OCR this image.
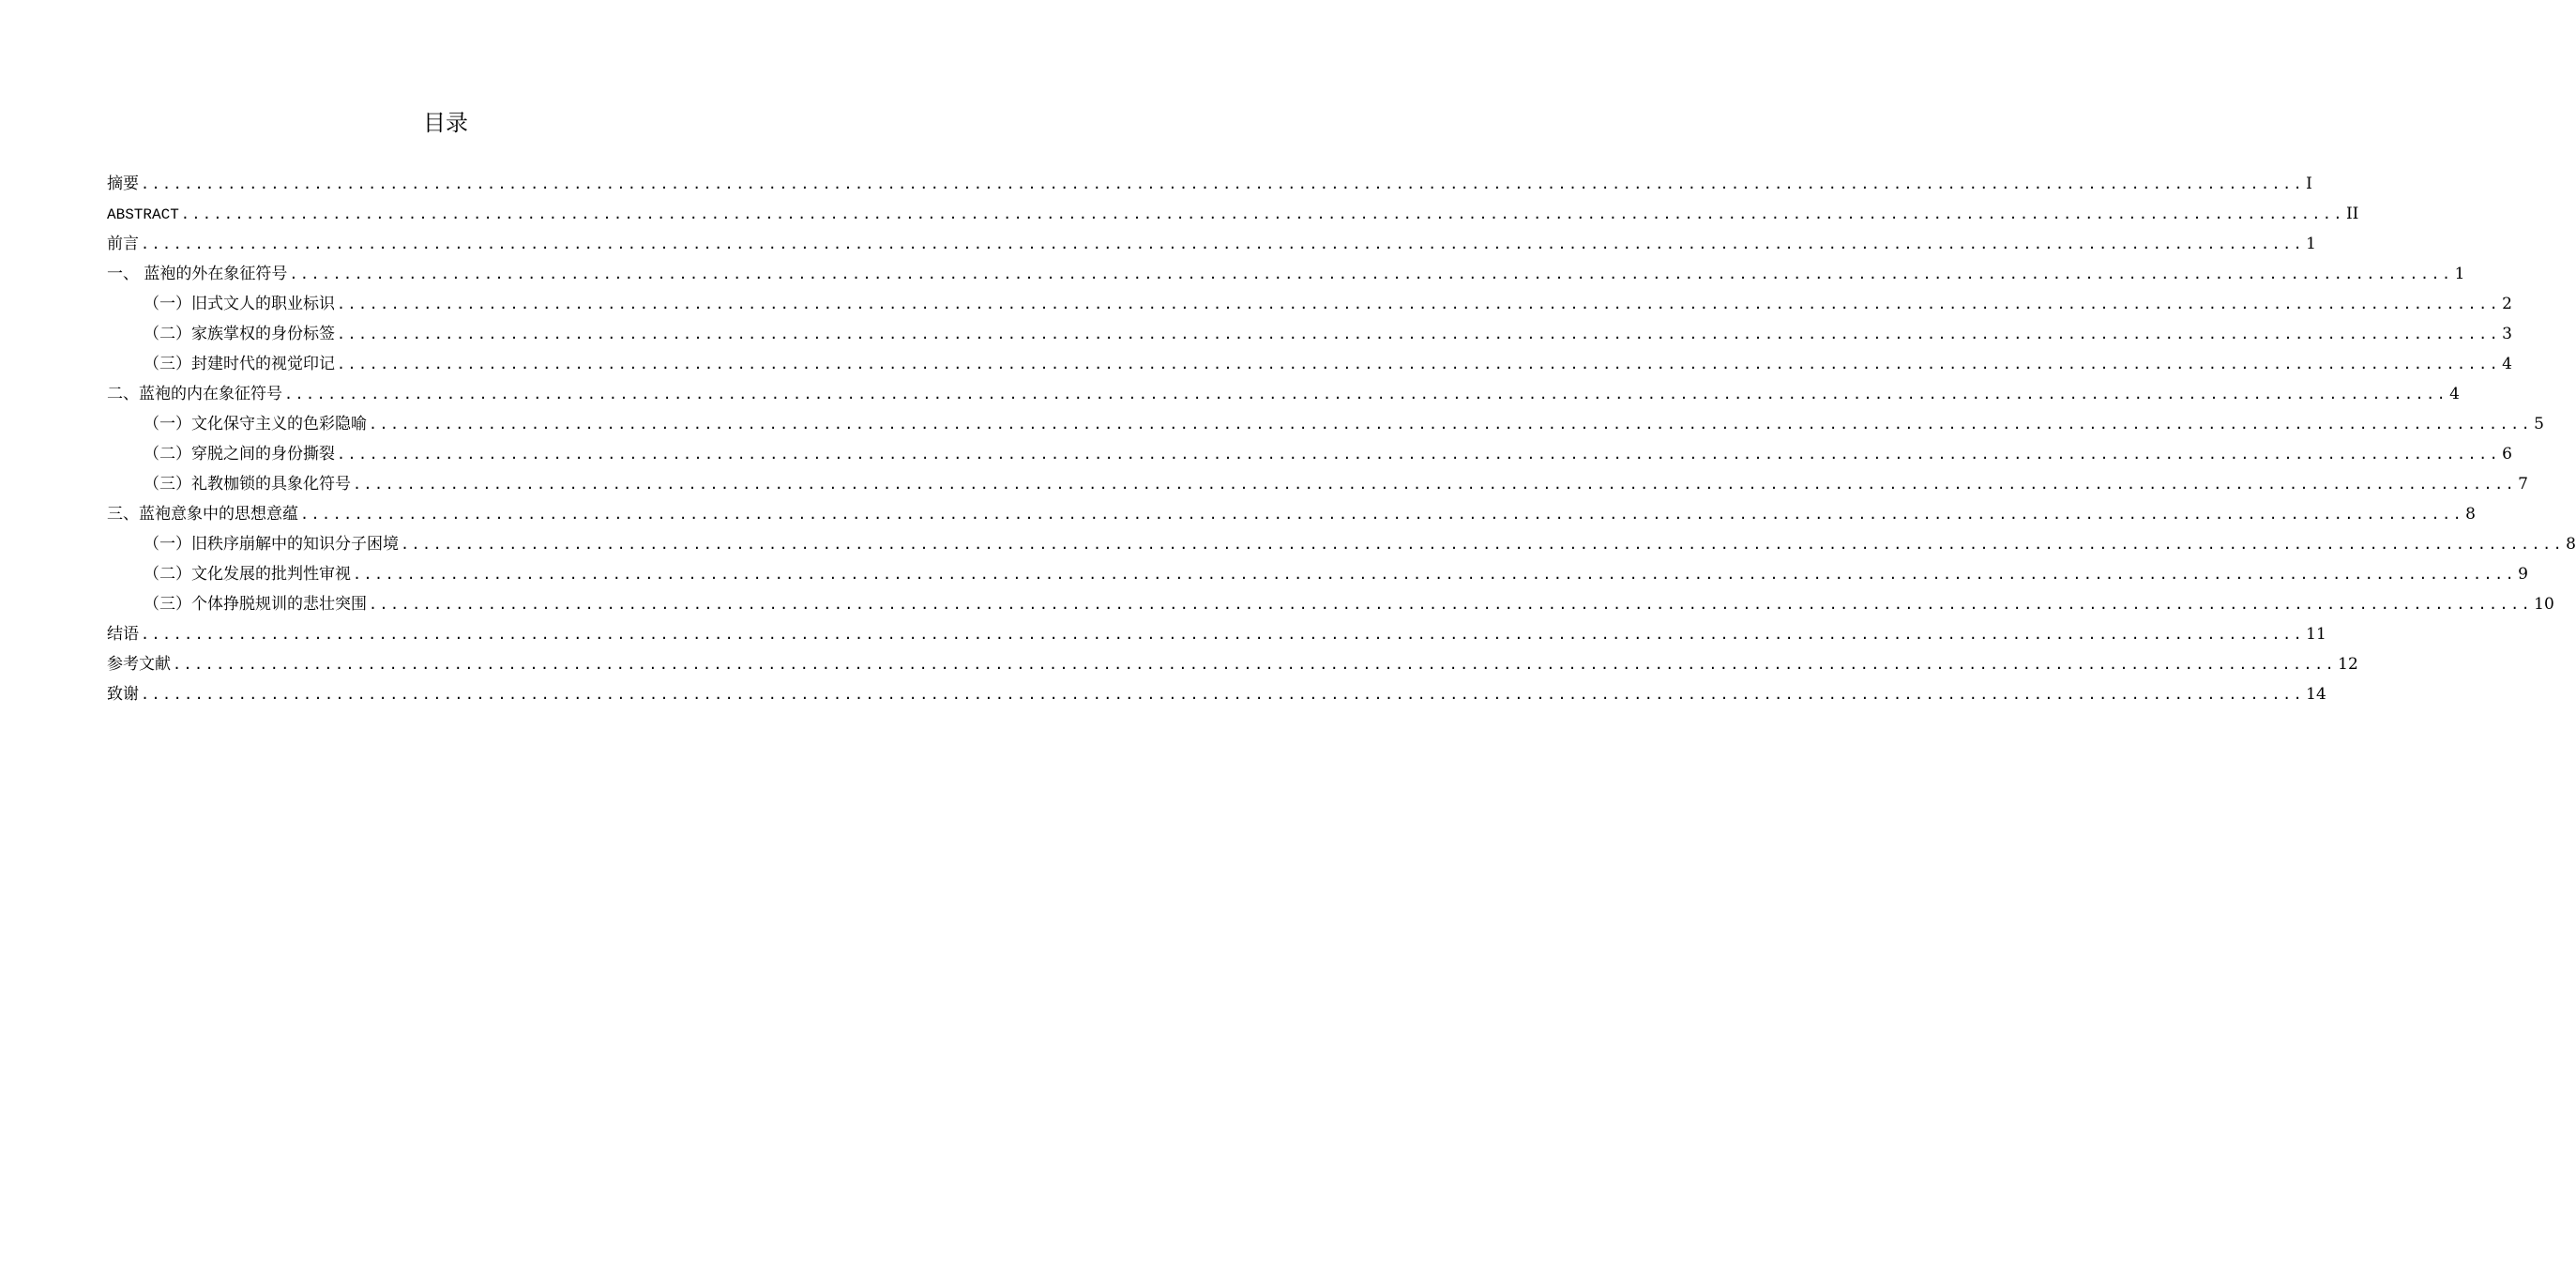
目录
摘要 ........................................................................................................................................................................................................ I
ABSTRACT ........................................................................................................................................................................................................ II
前言 ........................................................................................................................................................................................................ 1
一、 蓝袍的外在象征符号 ........................................................................................................................................................................................................ 1
（一）旧式文人的职业标识 ........................................................................................................................................................................................................ 2
（二）家族掌权的身份标签 ........................................................................................................................................................................................................ 3
（三）封建时代的视觉印记 ........................................................................................................................................................................................................ 4
二、蓝袍的内在象征符号 ........................................................................................................................................................................................................ 4
（一）文化保守主义的色彩隐喻 ........................................................................................................................................................................................................ 5
（二）穿脱之间的身份撕裂 ........................................................................................................................................................................................................ 6
（三）礼教枷锁的具象化符号 ........................................................................................................................................................................................................ 7
三、蓝袍意象中的思想意蕴 ........................................................................................................................................................................................................ 8
（一）旧秩序崩解中的知识分子困境 ........................................................................................................................................................................................................ 8
（二）文化发展的批判性审视 ........................................................................................................................................................................................................ 9
（三）个体挣脱规训的悲壮突围 ........................................................................................................................................................................................................ 10
结语 ........................................................................................................................................................................................................ 11
参考文献 ........................................................................................................................................................................................................ 12
致谢 ........................................................................................................................................................................................................ 14
